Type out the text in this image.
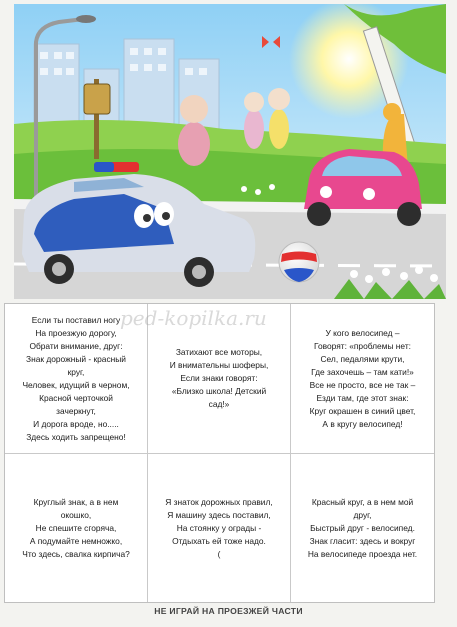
Если ты поставил ногу
На проезжую дорогу,
Обрати внимание, друг:
Знак дорожный - красный
круг,
Человек, идущий в черном,
Красной черточкой
зачеркнут,
И дорога вроде, но.....
Здесь ходить запрещено!
Затихают все моторы,
И внимательны шоферы,
Если знаки говорят:
«Близко школа! Детский
сад!»
У кого велосипед –
Говорят: «проблемы нет:
Сел, педалями крути,
Где захочешь – там кати!»
Все не просто, все не так –
Езди там, где этот знак:
Круг окрашен в синий цвет,
А в кругу велосипед!
Круглый знак, а в нем
окошко,
Не спешите сгоряча,
А подумайте немножко,
Что здесь, свалка кирпича?
Я знаток дорожных правил,
Я машину здесь поставил,
На стоянку у ограды -
Отдыхать ей тоже надо.
(
Красный круг, а в нем мой
друг,
Быстрый друг - велосипед.
Знак гласит: здесь и вокруг
На велосипеде проезда нет.
ped-kopilka.ru
НЕ ИГРАЙ НА ПРОЕЗЖЕЙ ЧАСТИ
